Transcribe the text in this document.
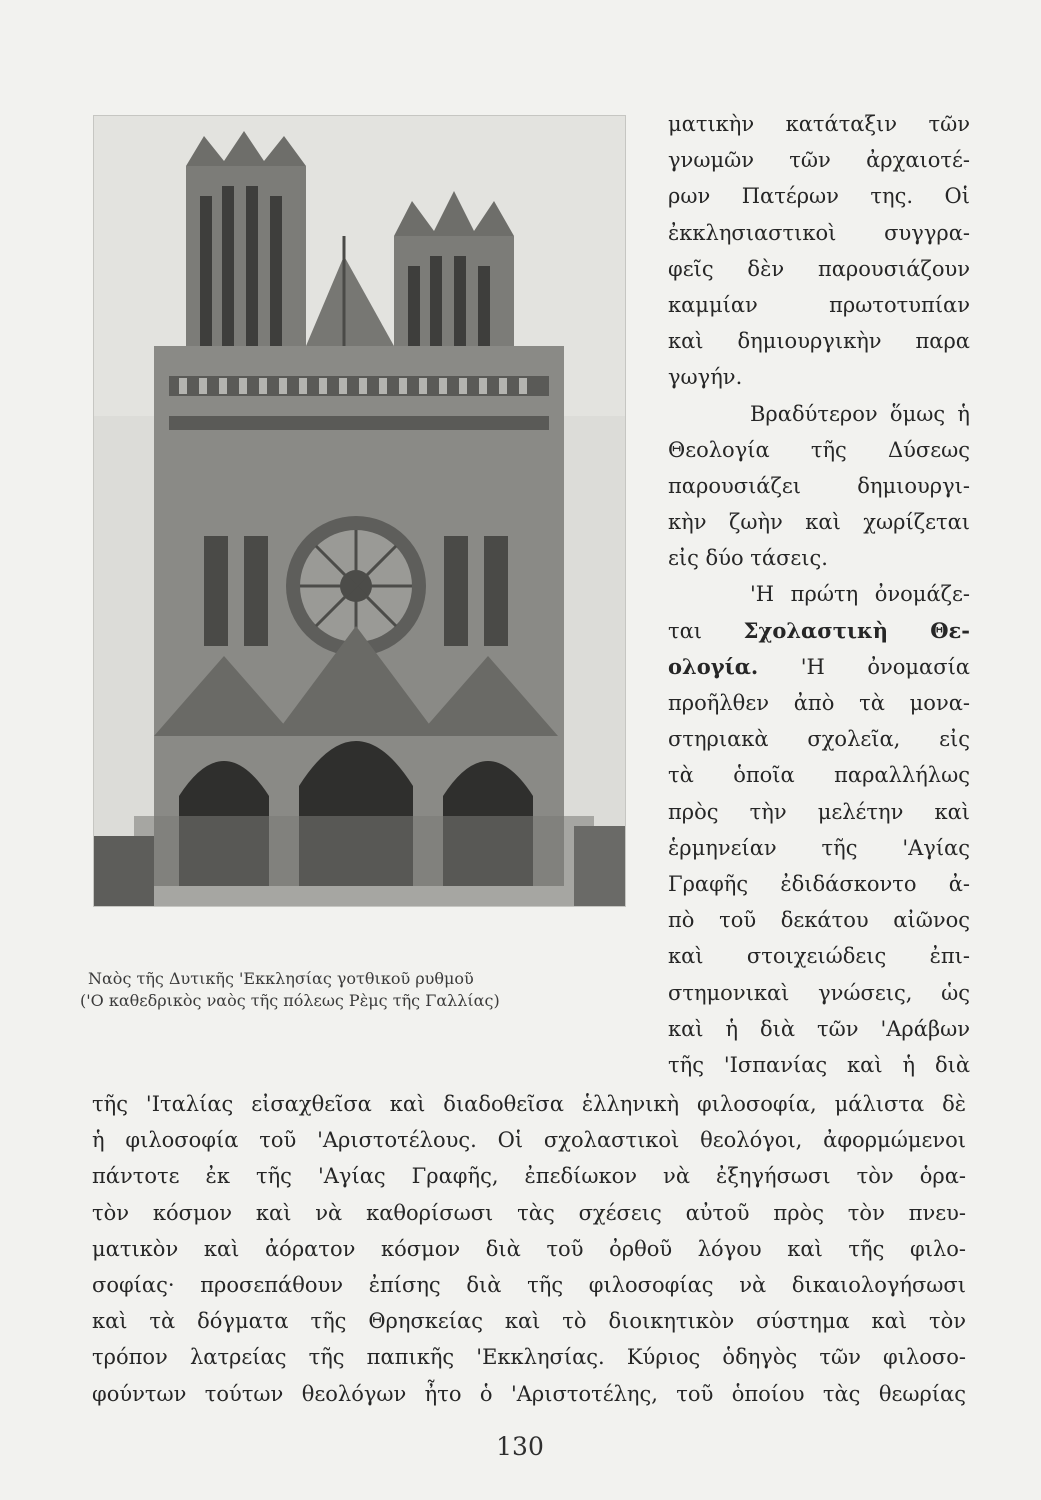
Ναὸς τῆς Δυτικῆς 'Εκκλησίας γοτθικοῦ ρυθμοῦ
('Ο καθεδρικὸς ναὸς τῆς πόλεως Ρὲμς τῆς Γαλλίας)
ματικὴν κατάταξιν τῶν
γνωμῶν τῶν ἀρχαιοτέ-
ρων Πατέρων της. Οἱ
ἐκκλησιαστικοὶ συγγρα-
φεῖς δὲν παρουσιάζουν
καμμίαν πρωτοτυπίαν
καὶ δημιουργικὴν παρα
γωγήν.
Βραδύτερον ὅμως ἡ
Θεολογία τῆς Δύσεως
παρουσιάζει δημιουργι-
κὴν ζωὴν καὶ χωρίζεται
εἰς δύο τάσεις.
'Η πρώτη ὀνομάζε-
ται Σχολαστικὴ Θε-
ολογία. 'Η ὀνομασία
προῆλθεν ἀπὸ τὰ μονα-
στηριακὰ σχολεῖα, εἰς
τὰ ὁποῖα παραλλήλως
πρὸς τὴν μελέτην καὶ
ἑρμηνείαν τῆς 'Αγίας
Γραφῆς ἐδιδάσκοντο ἀ-
πὸ τοῦ δεκάτου αἰῶνος
καὶ στοιχειώδεις ἐπι-
στημονικαὶ γνώσεις, ὡς
καὶ ἡ διὰ τῶν 'Αράβων
τῆς 'Ισπανίας καὶ ἡ διὰ
τῆς 'Ιταλίας εἰσαχθεῖσα καὶ διαδοθεῖσα ἑλληνικὴ φιλοσοφία, μάλιστα δὲ
ἡ φιλοσοφία τοῦ 'Αριστοτέλους. Οἱ σχολαστικοὶ θεολόγοι, ἀφορμώμενοι
πάντοτε ἐκ τῆς 'Αγίας Γραφῆς, ἐπεδίωκον νὰ ἐξηγήσωσι τὸν ὁρα-
τὸν κόσμον καὶ νὰ καθορίσωσι τὰς σχέσεις αὐτοῦ πρὸς τὸν πνευ-
ματικὸν καὶ ἀόρατον κόσμον διὰ τοῦ ὀρθοῦ λόγου καὶ τῆς φιλο-
σοφίας· προσεπάθουν ἐπίσης διὰ τῆς φιλοσοφίας νὰ δικαιολογήσωσι
καὶ τὰ δόγματα τῆς Θρησκείας καὶ τὸ διοικητικὸν σύστημα καὶ τὸν
τρόπον λατρείας τῆς παπικῆς 'Εκκλησίας. Κύριος ὁδηγὸς τῶν φιλοσο-
φούντων τούτων θεολόγων ἦτο ὁ 'Αριστοτέλης, τοῦ ὁποίου τὰς θεωρίας
130
